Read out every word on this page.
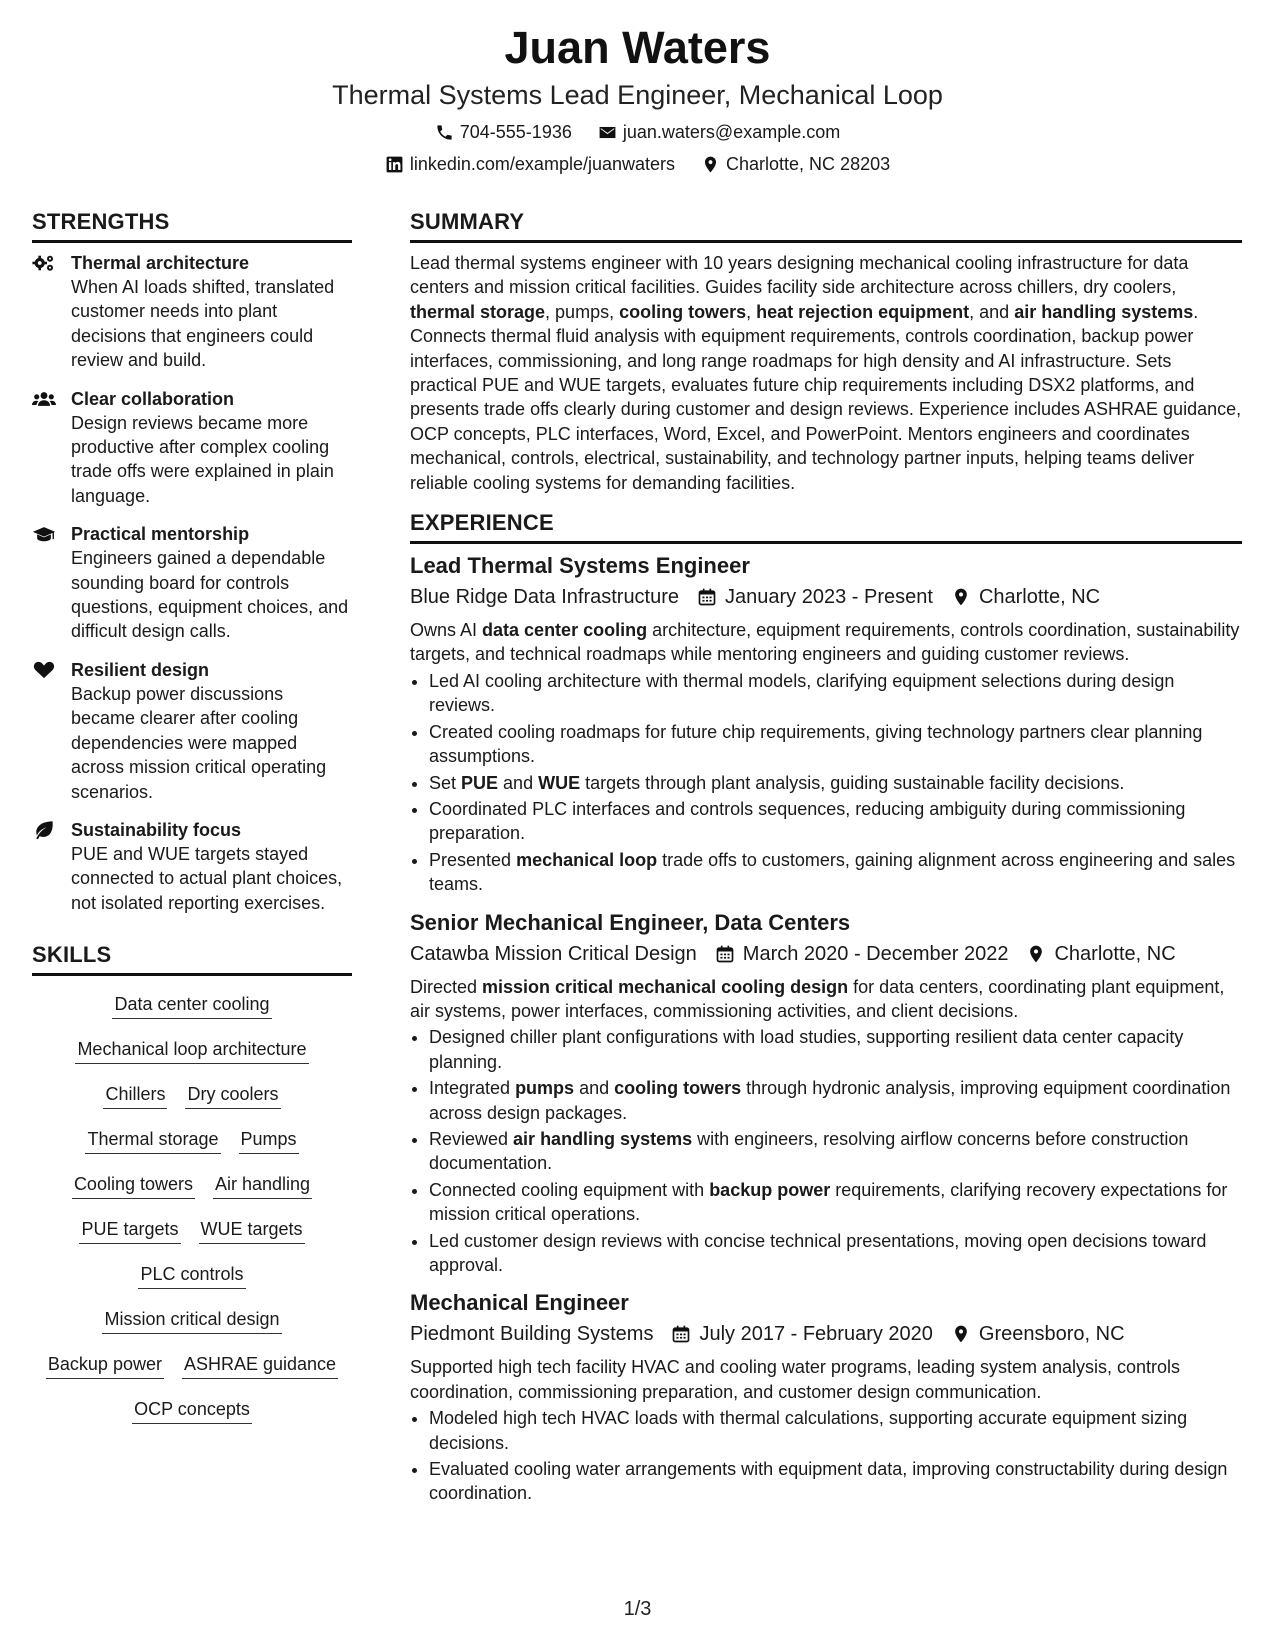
Juan Waters
Thermal Systems Lead Engineer, Mechanical Loop
704-555-1936	juan.waters@example.com
linkedin.com/example/juanwaters	Charlotte, NC 28203
STRENGTHS
Thermal architecture
When AI loads shifted, translated customer needs into plant decisions that engineers could review and build.
Clear collaboration
Design reviews became more productive after complex cooling trade offs were explained in plain language.
Practical mentorship
Engineers gained a dependable sounding board for controls questions, equipment choices, and difficult design calls.
Resilient design
Backup power discussions became clearer after cooling dependencies were mapped across mission critical operating scenarios.
Sustainability focus
PUE and WUE targets stayed connected to actual plant choices, not isolated reporting exercises.
SKILLS
Data center cooling
Mechanical loop architecture
Chillers Dry coolers
Thermal storage Pumps
Cooling towers Air handling
PUE targets WUE targets
PLC controls
Mission critical design
Backup power ASHRAE guidance
OCP concepts
SUMMARY
Lead thermal systems engineer with 10 years designing mechanical cooling infrastructure for data centers and mission critical facilities. Guides facility side architecture across chillers, dry coolers, thermal storage, pumps, cooling towers, heat rejection equipment, and air handling systems. Connects thermal fluid analysis with equipment requirements, controls coordination, backup power interfaces, commissioning, and long range roadmaps for high density and AI infrastructure. Sets practical PUE and WUE targets, evaluates future chip requirements including DSX2 platforms, and presents trade offs clearly during customer and design reviews. Experience includes ASHRAE guidance, OCP concepts, PLC interfaces, Word, Excel, and PowerPoint. Mentors engineers and coordinates mechanical, controls, electrical, sustainability, and technology partner inputs, helping teams deliver reliable cooling systems for demanding facilities.
EXPERIENCE
Lead Thermal Systems Engineer
Blue Ridge Data Infrastructure January 2023 - Present Charlotte, NC
Owns AI data center cooling architecture, equipment requirements, controls coordination, sustainability targets, and technical roadmaps while mentoring engineers and guiding customer reviews.
• Led AI cooling architecture with thermal models, clarifying equipment selections during design reviews.
• Created cooling roadmaps for future chip requirements, giving technology partners clear planning assumptions.
• Set PUE and WUE targets through plant analysis, guiding sustainable facility decisions.
• Coordinated PLC interfaces and controls sequences, reducing ambiguity during commissioning preparation.
• Presented mechanical loop trade offs to customers, gaining alignment across engineering and sales teams.
Senior Mechanical Engineer, Data Centers
Catawba Mission Critical Design March 2020 - December 2022 Charlotte, NC
Directed mission critical mechanical cooling design for data centers, coordinating plant equipment, air systems, power interfaces, commissioning activities, and client decisions.
• Designed chiller plant configurations with load studies, supporting resilient data center capacity planning.
• Integrated pumps and cooling towers through hydronic analysis, improving equipment coordination across design packages.
• Reviewed air handling systems with engineers, resolving airflow concerns before construction documentation.
• Connected cooling equipment with backup power requirements, clarifying recovery expectations for mission critical operations.
• Led customer design reviews with concise technical presentations, moving open decisions toward approval.
Mechanical Engineer
Piedmont Building Systems July 2017 - February 2020 Greensboro, NC
Supported high tech facility HVAC and cooling water programs, leading system analysis, controls coordination, commissioning preparation, and customer design communication.
• Modeled high tech HVAC loads with thermal calculations, supporting accurate equipment sizing decisions.
• Evaluated cooling water arrangements with equipment data, improving constructability during design coordination.
1/3
